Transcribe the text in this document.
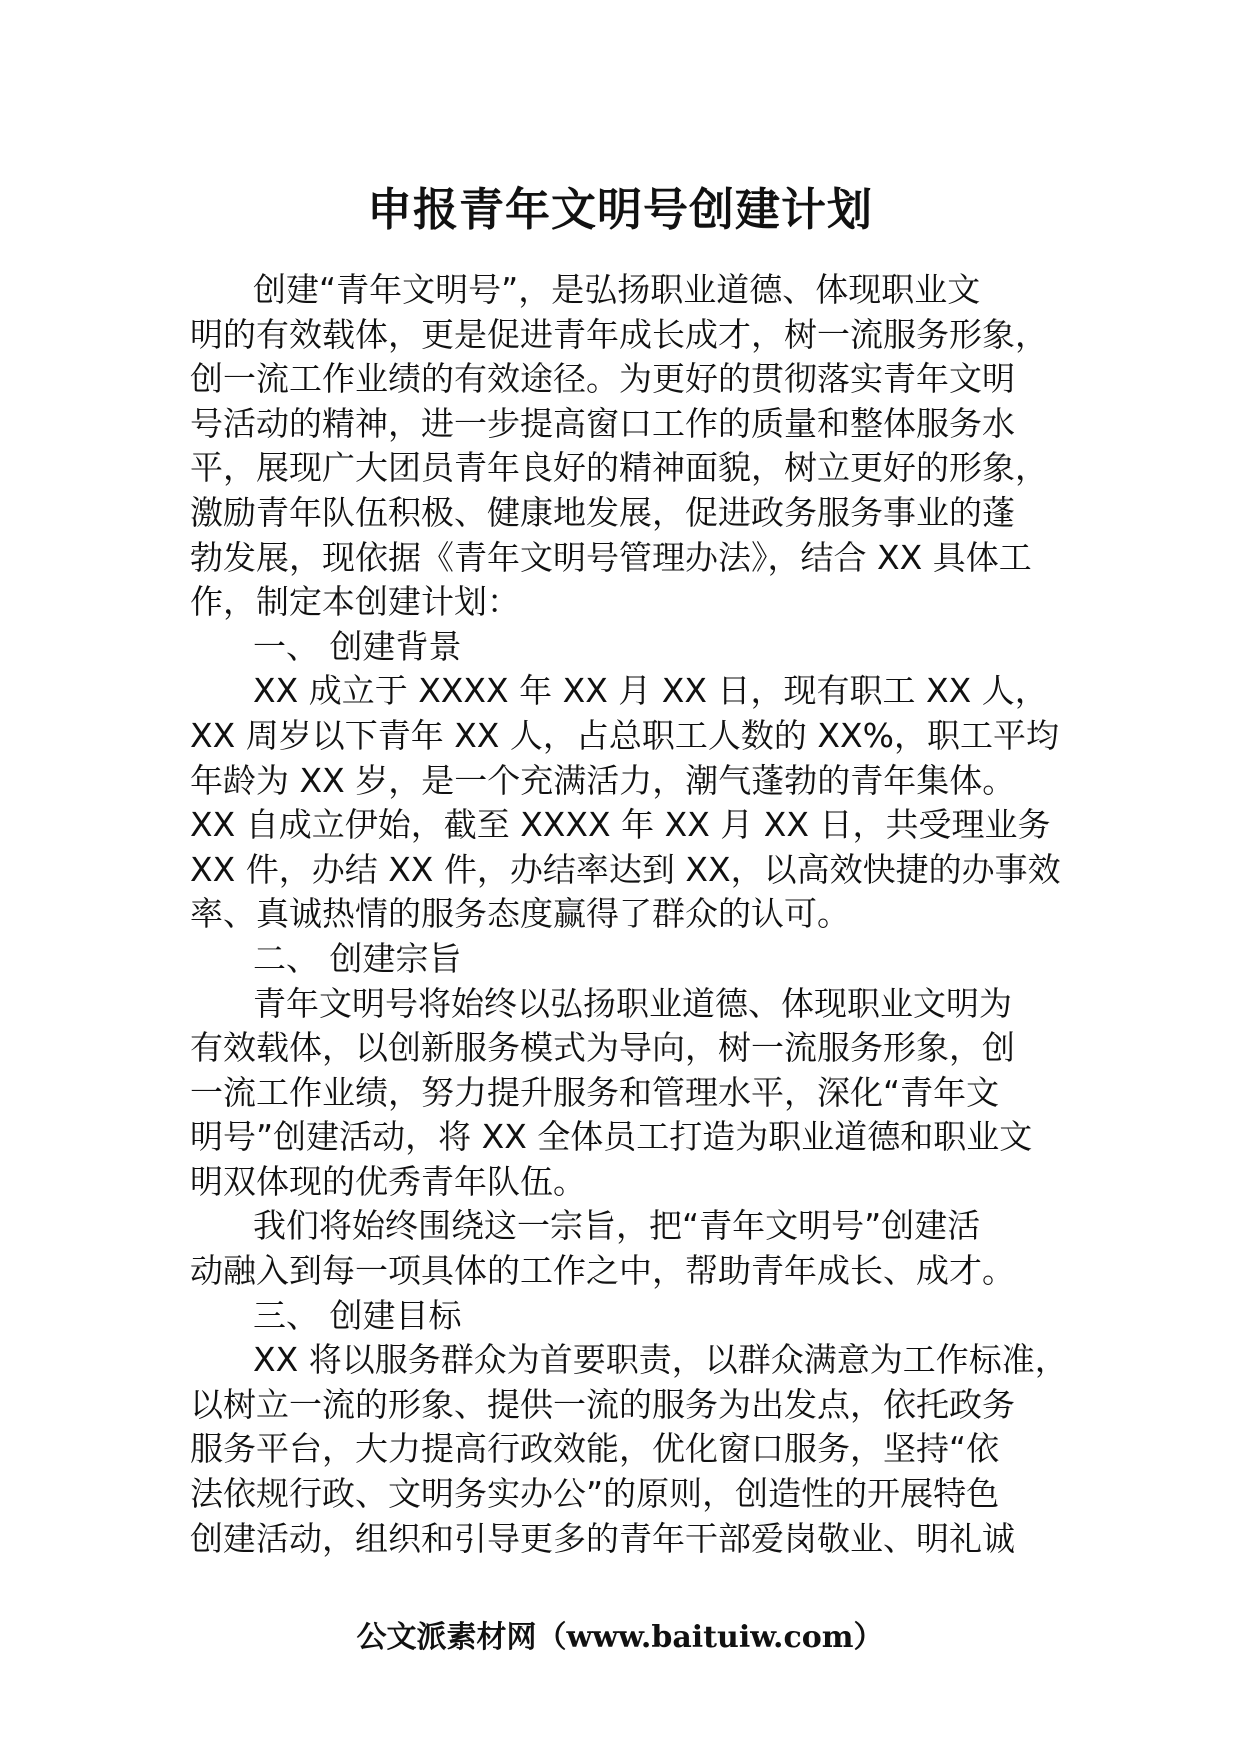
申报青年文明号创建计划
创建“青年文明号”，是弘扬职业道德、体现职业文
明的有效载体，更是促进青年成长成才，树一流服务形象，
创一流工作业绩的有效途径。为更好的贯彻落实青年文明
号活动的精神，进一步提高窗口工作的质量和整体服务水
平，展现广大团员青年良好的精神面貌，树立更好的形象，
激励青年队伍积极、健康地发展，促进政务服务事业的蓬
勃发展，现依据《青年文明号管理办法》，结合 XX 具体工
作，制定本创建计划：
一、 创建背景
XX 成立于 XXXX 年 XX 月 XX 日，现有职工 XX 人，
XX 周岁以下青年 XX 人，占总职工人数的 XX%，职工平均
年龄为 XX 岁，是一个充满活力，潮气蓬勃的青年集体。
XX 自成立伊始，截至 XXXX 年 XX 月 XX 日，共受理业务
XX 件，办结 XX 件，办结率达到 XX，以高效快捷的办事效
率、真诚热情的服务态度赢得了群众的认可。
二、 创建宗旨
青年文明号将始终以弘扬职业道德、体现职业文明为
有效载体，以创新服务模式为导向，树一流服务形象，创
一流工作业绩，努力提升服务和管理水平，深化“青年文
明号”创建活动，将 XX 全体员工打造为职业道德和职业文
明双体现的优秀青年队伍。
我们将始终围绕这一宗旨，把“青年文明号”创建活
动融入到每一项具体的工作之中，帮助青年成长、成才。
三、 创建目标
XX 将以服务群众为首要职责，以群众满意为工作标准，
以树立一流的形象、提供一流的服务为出发点，依托政务
服务平台，大力提高行政效能，优化窗口服务，坚持“依
法依规行政、文明务实办公”的原则，创造性的开展特色
创建活动，组织和引导更多的青年干部爱岗敬业、明礼诚
公文派素材网（www.baituiw.com）
